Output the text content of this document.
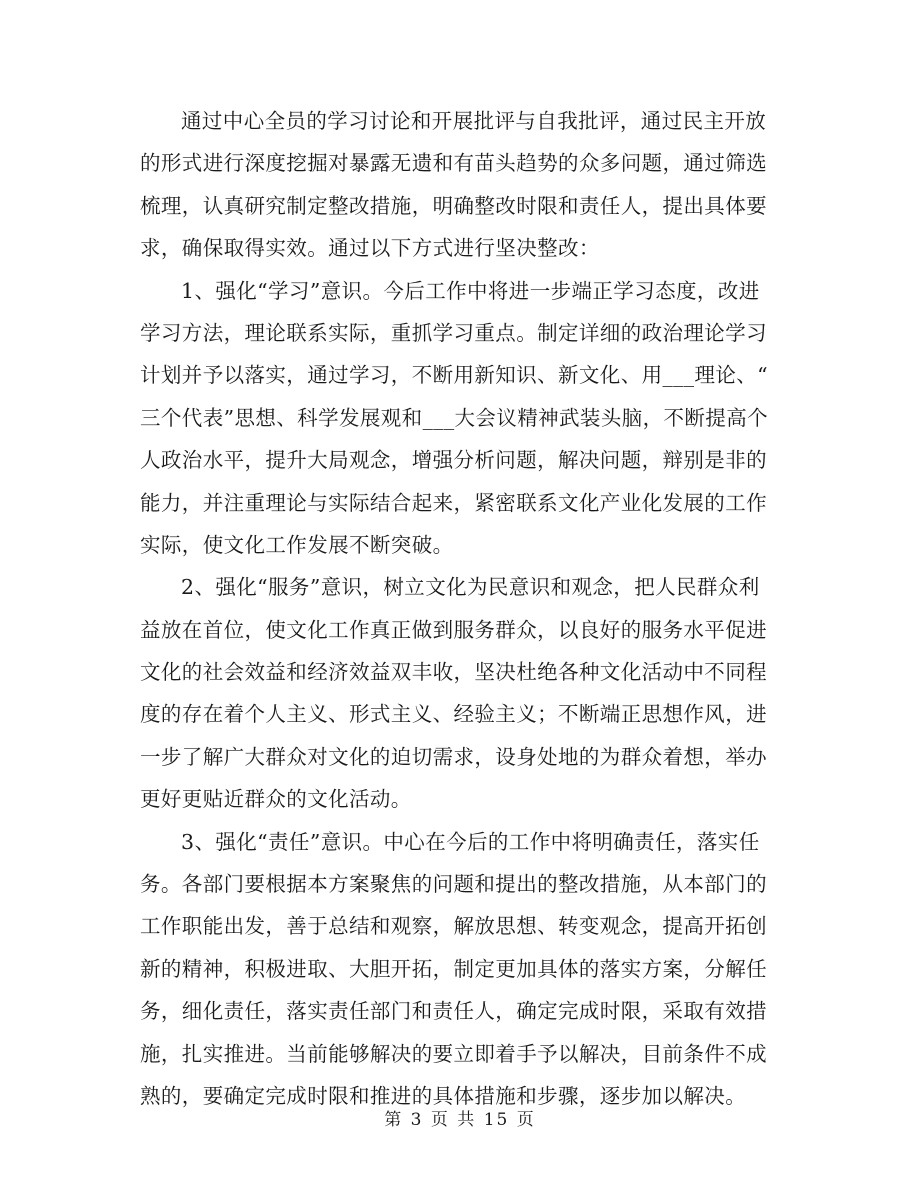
通过中心全员的学习讨论和开展批评与自我批评，通过民主开放
的形式进行深度挖掘对暴露无遗和有苗头趋势的众多问题，通过筛选
梳理，认真研究制定整改措施，明确整改时限和责任人，提出具体要
求，确保取得实效。通过以下方式进行坚决整改：
1、强化“学习”意识。今后工作中将进一步端正学习态度，改进
学习方法，理论联系实际，重抓学习重点。制定详细的政治理论学习
计划并予以落实，通过学习，不断用新知识、新文化、用___理论、“
三个代表”思想、科学发展观和___大会议精神武装头脑，不断提高个
人政治水平，提升大局观念，增强分析问题，解决问题，辩别是非的
能力，并注重理论与实际结合起来，紧密联系文化产业化发展的工作
实际，使文化工作发展不断突破。
2、强化“服务”意识，树立文化为民意识和观念，把人民群众利
益放在首位，使文化工作真正做到服务群众，以良好的服务水平促进
文化的社会效益和经济效益双丰收，坚决杜绝各种文化活动中不同程
度的存在着个人主义、形式主义、经验主义；不断端正思想作风，进
一步了解广大群众对文化的迫切需求，设身处地的为群众着想，举办
更好更贴近群众的文化活动。
3、强化“责任”意识。中心在今后的工作中将明确责任，落实任
务。各部门要根据本方案聚焦的问题和提出的整改措施，从本部门的
工作职能出发，善于总结和观察，解放思想、转变观念，提高开拓创
新的精神，积极进取、大胆开拓，制定更加具体的落实方案，分解任
务，细化责任，落实责任部门和责任人，确定完成时限，采取有效措
施，扎实推进。当前能够解决的要立即着手予以解决，目前条件不成
熟的，要确定完成时限和推进的具体措施和步骤，逐步加以解决。
第 3 页 共 15 页
